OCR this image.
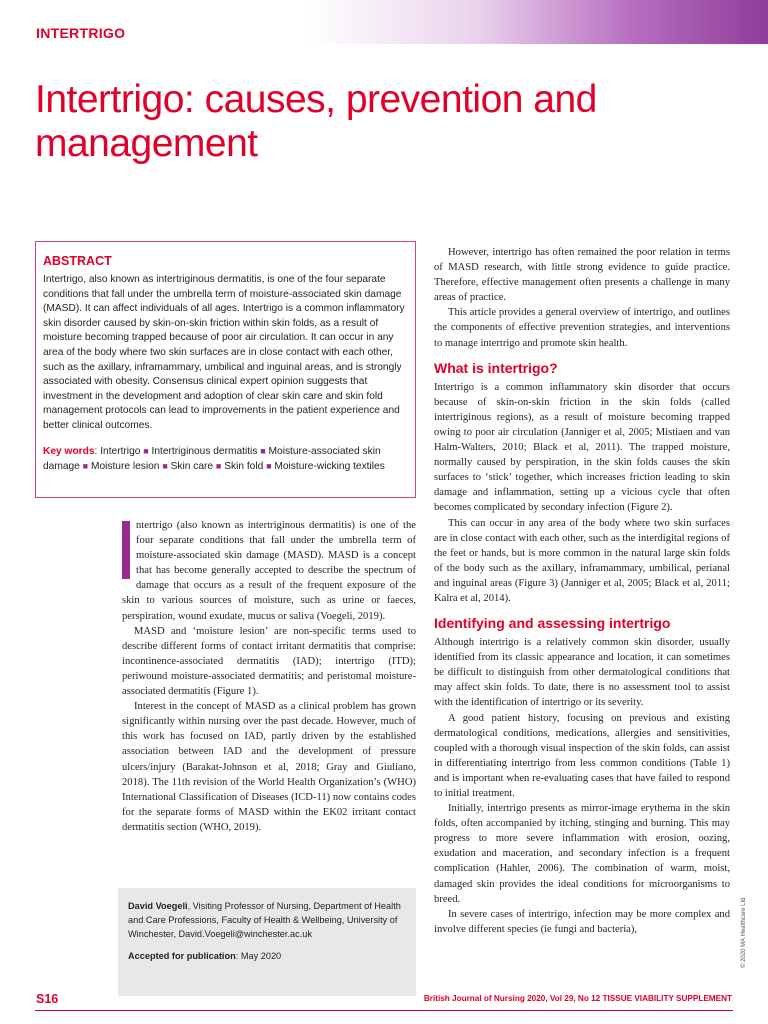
INTERTRIGO
Intertrigo: causes, prevention and management
ABSTRACT

Intertrigo, also known as intertriginous dermatitis, is one of the four separate conditions that fall under the umbrella term of moisture-associated skin damage (MASD). It can affect individuals of all ages. Intertrigo is a common inflammatory skin disorder caused by skin-on-skin friction within skin folds, as a result of moisture becoming trapped because of poor air circulation. It can occur in any area of the body where two skin surfaces are in close contact with each other, such as the axillary, inframammary, umbilical and inguinal areas, and is strongly associated with obesity. Consensus clinical expert opinion suggests that investment in the development and adoption of clear skin care and skin fold management protocols can lead to improvements in the patient experience and better clinical outcomes.

Key words: Intertrigo ■ Intertriginous dermatitis ■ Moisture-associated skin damage ■ Moisture lesion ■ Skin care ■ Skin fold ■ Moisture-wicking textiles

ntertrigo (also known as intertriginous dermatitis) is one of the four separate conditions that fall under the umbrella term of moisture-associated skin damage (MASD). MASD is a concept that has become generally accepted to describe the spectrum of damage that occurs as a result of the frequent exposure of the skin to various sources of moisture, such as urine or faeces, perspiration, wound exudate, mucus or saliva (Voegeli, 2019).

MASD and ‘moisture lesion’ are non-specific terms used to describe different forms of contact irritant dermatitis that comprise: incontinence-associated dermatitis (IAD); intertrigo (ITD); periwound moisture-associated dermatitis; and peristomal moisture-associated dermatitis (Figure 1).

Interest in the concept of MASD as a clinical problem has grown significantly within nursing over the past decade. However, much of this work has focused on IAD, partly driven by the established association between IAD and the development of pressure ulcers/injury (Barakat-Johnson et al, 2018; Gray and Giuliano, 2018). The 11th revision of the World Health Organization’s (WHO) International Classification of Diseases (ICD-11) now contains codes for the separate forms of MASD within the EK02 irritant contact dermatitis section (WHO, 2019).

David Voegeli, Visiting Professor of Nursing, Department of Health and Care Professions, Faculty of Health & Wellbeing, University of Winchester, David.Voegeli@winchester.ac.uk

Accepted for publication: May 2020

However, intertrigo has often remained the poor relation in terms of MASD research, with little strong evidence to guide practice. Therefore, effective management often presents a challenge in many areas of practice.

This article provides a general overview of intertrigo, and outlines the components of effective prevention strategies, and interventions to manage intertrigo and promote skin health.

What is intertrigo?

Intertrigo is a common inflammatory skin disorder that occurs because of skin-on-skin friction in the skin folds (called intertriginous regions), as a result of moisture becoming trapped owing to poor air circulation (Janniger et al, 2005; Mistiaen and van Halm-Walters, 2010; Black et al, 2011). The trapped moisture, normally caused by perspiration, in the skin folds causes the skin surfaces to ‘stick’ together, which increases friction leading to skin damage and inflammation, setting up a vicious cycle that often becomes complicated by secondary infection (Figure 2).

This can occur in any area of the body where two skin surfaces are in close contact with each other, such as the interdigital regions of the feet or hands, but is more common in the natural large skin folds of the body such as the axillary, inframammary, umbilical, perianal and inguinal areas (Figure 3) (Janniger et al, 2005; Black et al, 2011; Kalra et al, 2014).

Identifying and assessing intertrigo

Although intertrigo is a relatively common skin disorder, usually identified from its classic appearance and location, it can sometimes be difficult to distinguish from other dermatological conditions that may affect skin folds. To date, there is no assessment tool to assist with the identification of intertrigo or its severity.

A good patient history, focusing on previous and existing dermatological conditions, medications, allergies and sensitivities, coupled with a thorough visual inspection of the skin folds, can assist in differentiating intertrigo from less common conditions (Table 1) and is important when re-evaluating cases that have failed to respond to initial treatment.

Initially, intertrigo presents as mirror-image erythema in the skin folds, often accompanied by itching, stinging and burning. This may progress to more severe inflammation with erosion, oozing, exudation and maceration, and secondary infection is a frequent complication (Hahler, 2006). The combination of warm, moist, damaged skin provides the ideal conditions for microorganisms to breed.

In severe cases of intertrigo, infection may be more complex and involve different species (ie fungi and bacteria),	© 2020 MA Healthcare Ltd
S16	British Journal of Nursing 2020, Vol 29, No 12 TISSUE VIABILITY SUPPLEMENT
